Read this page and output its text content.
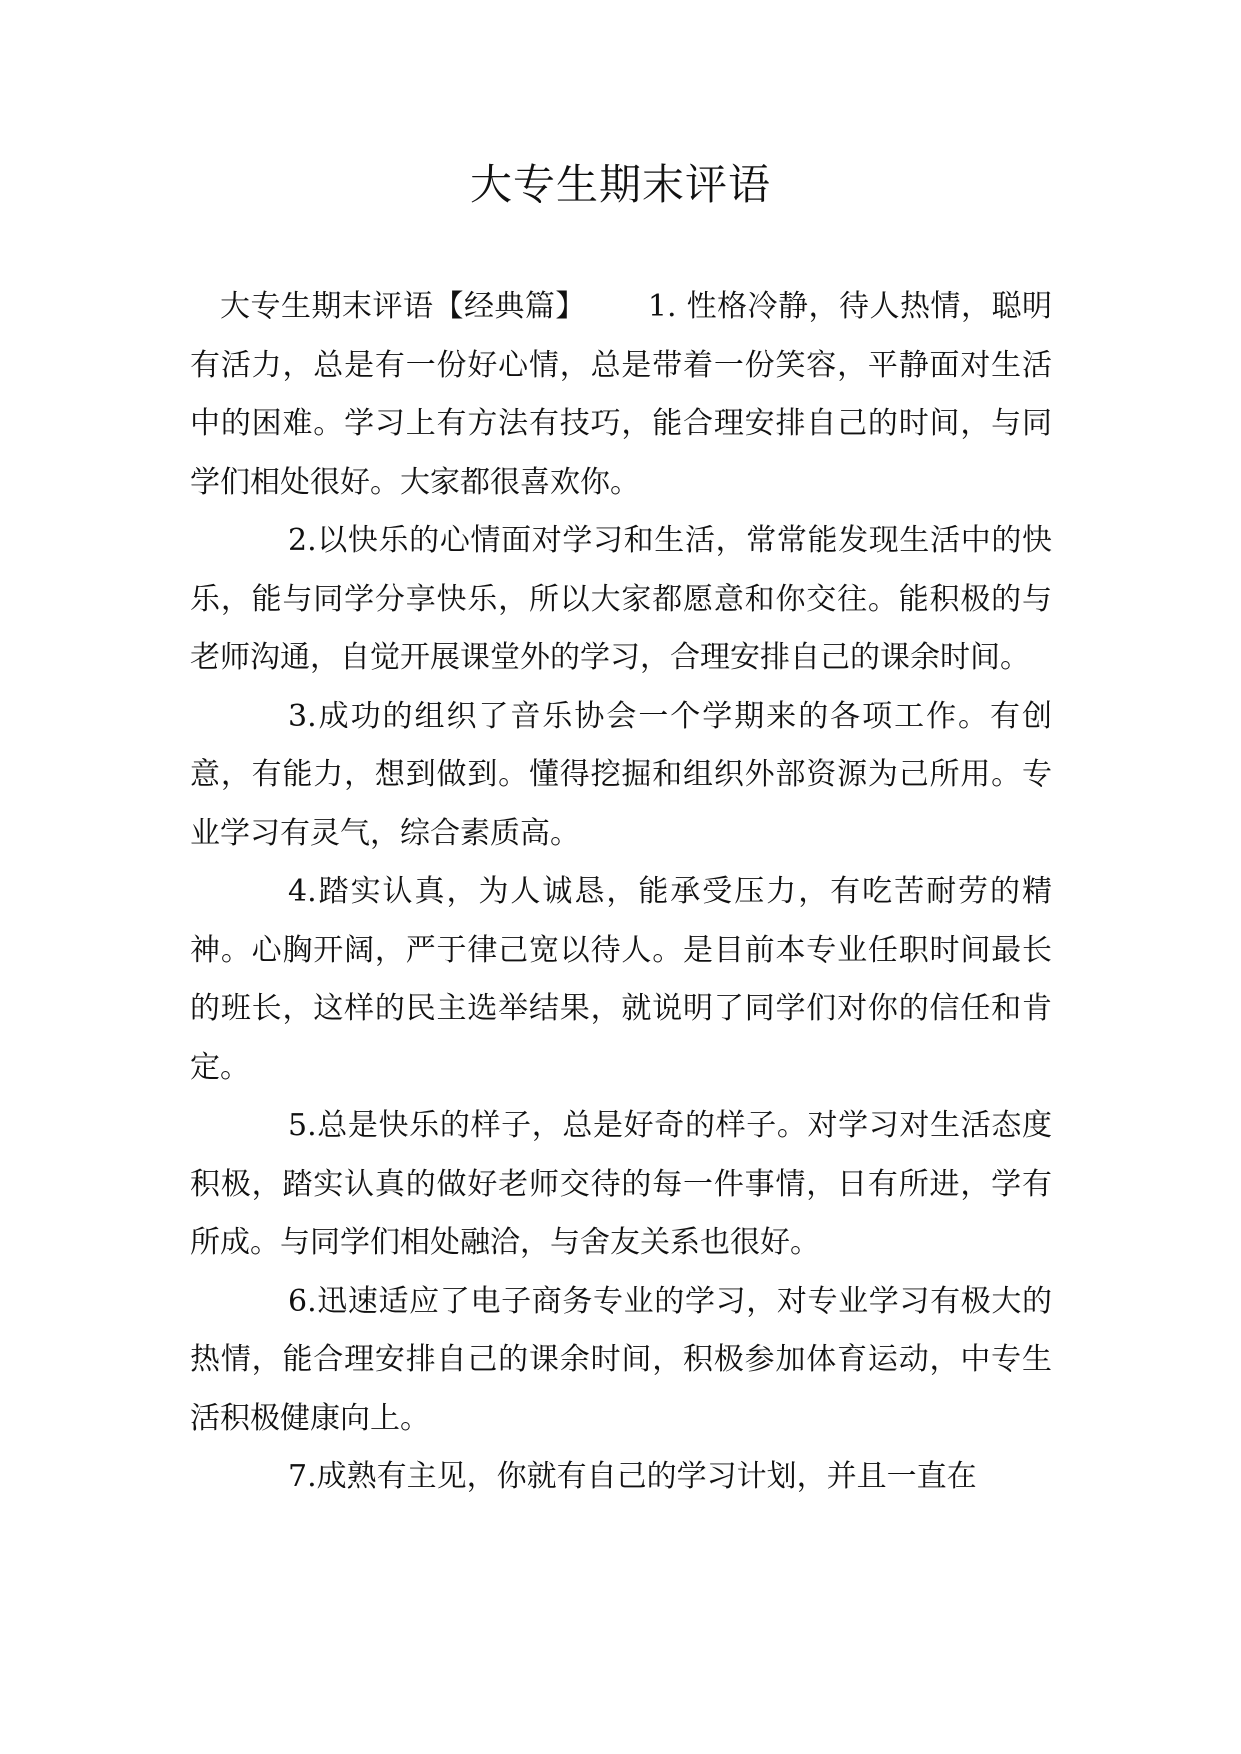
大专生期末评语

大专生期末评语【经典篇】 1. 性格冷静，待人热情，聪明有活力，总是有一份好心情，总是带着一份笑容，平静面对生活中的困难。学习上有方法有技巧，能合理安排自己的时间，与同学们相处很好。大家都很喜欢你。

2.以快乐的心情面对学习和生活，常常能发现生活中的快乐，能与同学分享快乐，所以大家都愿意和你交往。能积极的与老师沟通，自觉开展课堂外的学习，合理安排自己的课余时间。

3.成功的组织了音乐协会一个学期来的各项工作。有创意，有能力，想到做到。懂得挖掘和组织外部资源为己所用。专业学习有灵气，综合素质高。

4.踏实认真，为人诚恳，能承受压力，有吃苦耐劳的精神。心胸开阔，严于律己宽以待人。是目前本专业任职时间最长的班长，这样的民主选举结果，就说明了同学们对你的信任和肯定。

5.总是快乐的样子，总是好奇的样子。对学习对生活态度积极，踏实认真的做好老师交待的每一件事情，日有所进，学有所成。与同学们相处融洽，与舍友关系也很好。

6.迅速适应了电子商务专业的学习，对专业学习有极大的热情，能合理安排自己的课余时间，积极参加体育运动，中专生活积极健康向上。

7.成熟有主见，你就有自己的学习计划，并且一直在
